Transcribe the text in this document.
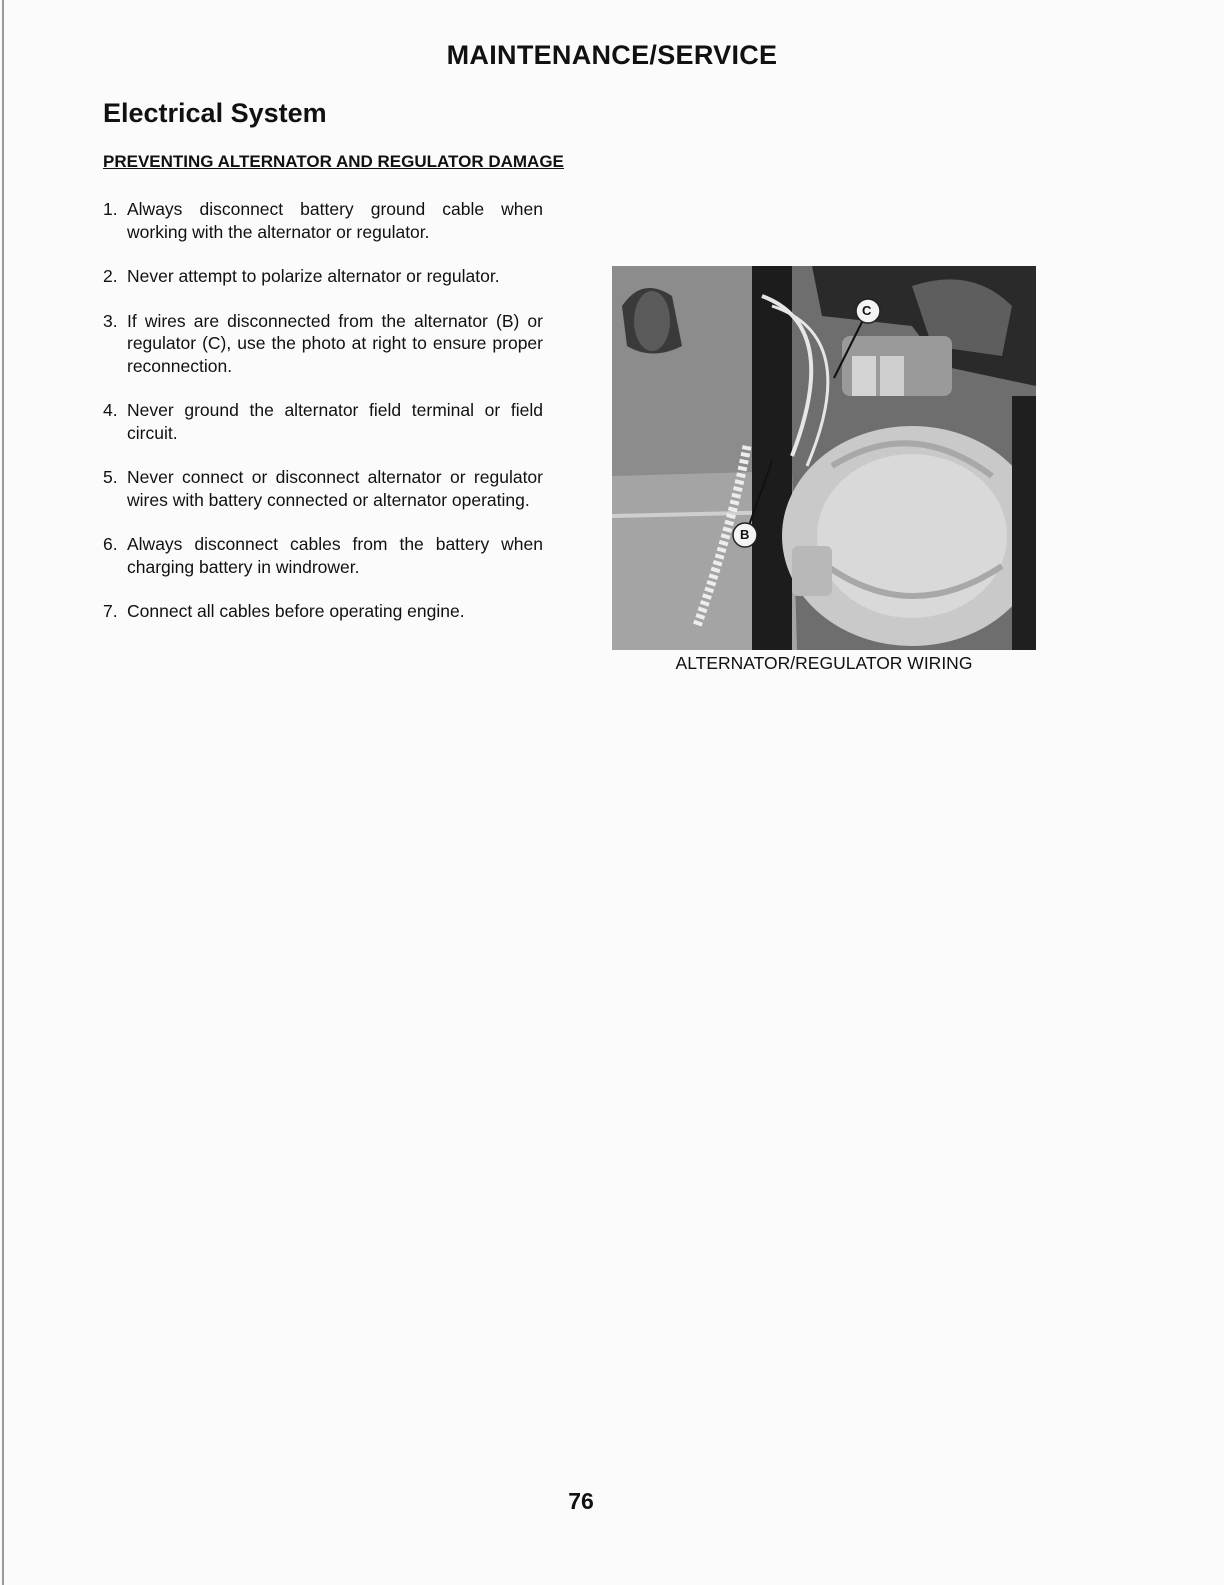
MAINTENANCE/SERVICE
Electrical System
PREVENTING ALTERNATOR AND REGULATOR DAMAGE
1. Always disconnect battery ground cable when working with the alternator or regulator.
2. Never attempt to polarize alternator or regulator.
3. If wires are disconnected from the alternator (B) or regulator (C), use the photo at right to ensure proper reconnection.
4. Never ground the alternator field terminal or field circuit.
5. Never connect or disconnect alternator or regulator wires with battery connected or alternator operating.
6. Always disconnect cables from the battery when charging battery in windrower.
7. Connect all cables before operating engine.
C
B
ALTERNATOR/REGULATOR WIRING
76
